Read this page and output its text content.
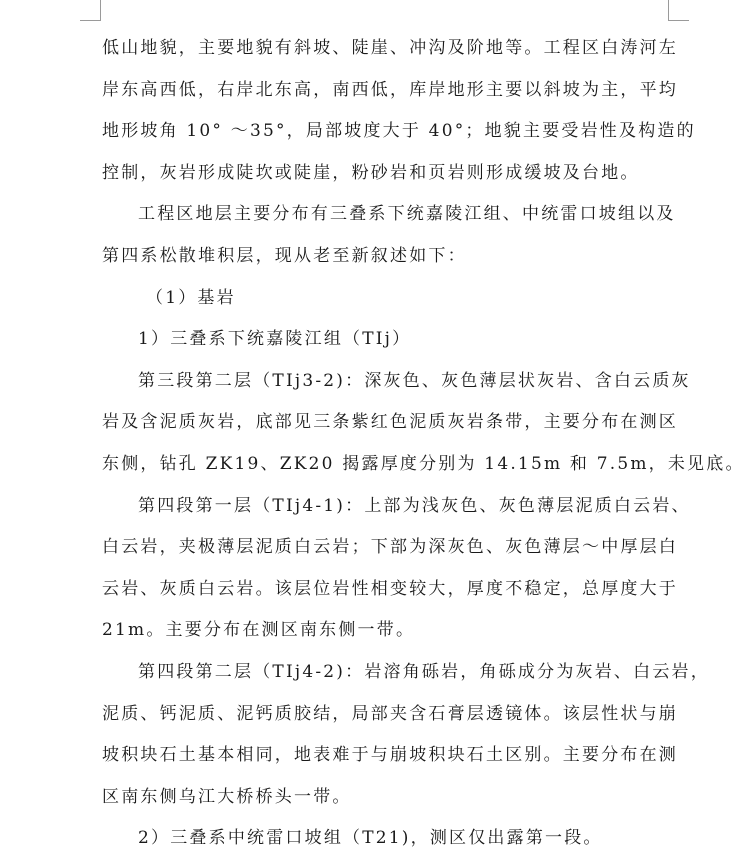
低山地貌，主要地貌有斜坡、陡崖、冲沟及阶地等。工程区白涛河左
岸东高西低，右岸北东高，南西低，库岸地形主要以斜坡为主，平均
地形坡角 10° ～35°，局部坡度大于 40°；地貌主要受岩性及构造的
控制，灰岩形成陡坎或陡崖，粉砂岩和页岩则形成缓坡及台地。
工程区地层主要分布有三叠系下统嘉陵江组、中统雷口坡组以及
第四系松散堆积层，现从老至新叙述如下：
（1）基岩
1）三叠系下统嘉陵江组（TIj）
第三段第二层（TIj3-2)：深灰色、灰色薄层状灰岩、含白云质灰
岩及含泥质灰岩，底部见三条紫红色泥质灰岩条带，主要分布在测区
东侧，钻孔 ZK19、ZK20 揭露厚度分别为 14.15m 和 7.5m，未见底。
第四段第一层（TIj4-1)：上部为浅灰色、灰色薄层泥质白云岩、
白云岩，夹极薄层泥质白云岩；下部为深灰色、灰色薄层～中厚层白
云岩、灰质白云岩。该层位岩性相变较大，厚度不稳定，总厚度大于
21m。主要分布在测区南东侧一带。
第四段第二层（TIj4-2)：岩溶角砾岩，角砾成分为灰岩、白云岩，
泥质、钙泥质、泥钙质胶结，局部夹含石膏层透镜体。该层性状与崩
坡积块石土基本相同，地表难于与崩坡积块石土区别。主要分布在测
区南东侧乌江大桥桥头一带。
2）三叠系中统雷口坡组（T21)，测区仅出露第一段。
